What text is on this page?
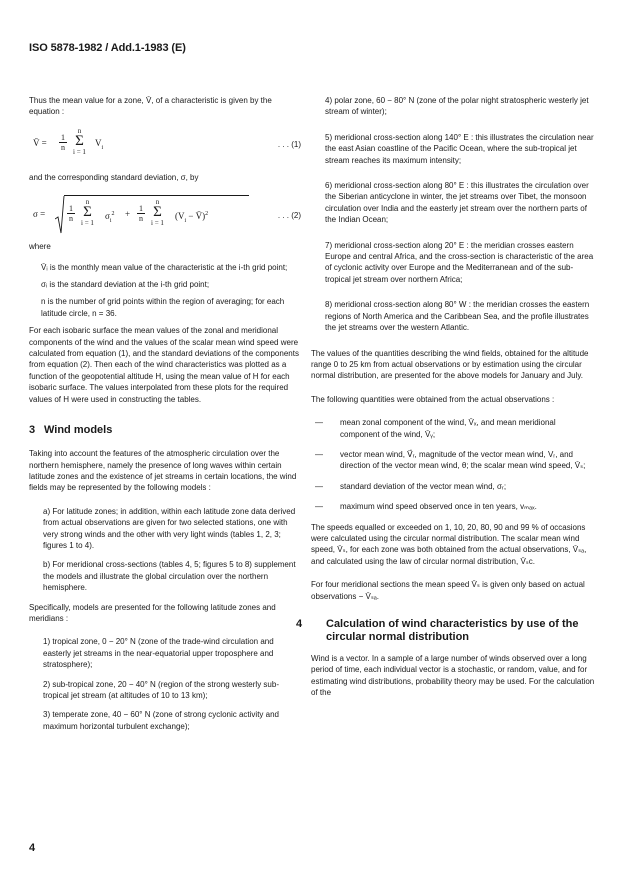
ISO 5878-1982 / Add.1-1983 (E)

Thus the mean value for a zone, V̄, of a characteristic is given by the equation :

V̄ = $\frac{1}{n}$
n
Σ
i = 1
$V_i$	. . . (1)

and the corresponding standard deviation, σ, by

σ =	$\frac{1}{n}$
n
Σ
i = 1
$\sigma_i^2 + \frac{1}{n}$
n
Σ
i = 1
($V_i$ − V̄)$^2$	. . . (2)

where

V̄ᵢ is the monthly mean value of the characteristic at the i-th grid point;

σᵢ is the standard deviation at the i-th grid point;

n is the number of grid points within the region of averaging; for each latitude circle, n = 36.

For each isobaric surface the mean values of the zonal and meridional components of the wind and the values of the scalar mean wind speed were calculated from equation (1), and the standard deviations of the components from equation (2). Then each of the wind characteristics was plotted as a function of the geopotential altitude H, using the mean value of H for each isobaric surface. The values interpolated from these plots for the required values of H were used in constructing the tables.

3 Wind models

Taking into account the features of the atmospheric circulation over the northern hemisphere, namely the presence of long waves within certain latitude zones and the existence of jet streams in certain locations, the wind fields may be represented by the following models :

a) For latitude zones; in addition, within each latitude zone data derived from actual observations are given for two selected stations, one with very strong winds and the other with very light winds (tables 1, 2, 3; figures 1 to 4).

b) For meridional cross-sections (tables 4, 5; figures 5 to 8) supplement the models and illustrate the global circulation over the northern hemisphere.

Specifically, models are presented for the following latitude zones and meridians :

1) tropical zone, 0 − 20° N (zone of the trade-wind circulation and easterly jet streams in the near-equatorial upper troposphere and stratosphere);

2) sub-tropical zone, 20 − 40° N (region of the strong westerly sub-tropical jet stream (at altitudes of 10 to 13 km);

3) temperate zone, 40 − 60° N (zone of strong cyclonic activity and maximum horizontal turbulent exchange);

4) polar zone, 60 − 80° N (zone of the polar night stratospheric westerly jet stream of winter);

5) meridional cross-section along 140° E : this illustrates the circulation near the east Asian coastline of the Pacific Ocean, where the sub-tropical jet stream reaches its maximum intensity;

6) meridional cross-section along 80° E : this illustrates the circulation over the Siberian anticyclone in winter, the jet streams over Tibet, the monsoon circulation over India and the easterly jet stream over the northern parts of the Indian Ocean;

7) meridional cross-section along 20° E : the meridian crosses eastern Europe and central Africa, and the cross-section is characteristic of the area of cyclonic activity over Europe and the Mediterranean and of the sub-tropical jet stream over northern Africa;

8) meridional cross-section along 80° W : the meridian crosses the eastern regions of North America and the Caribbean Sea, and the profile illustrates the jet streams over the western Atlantic.

The values of the quantities describing the wind fields, obtained for the altitude range 0 to 25 km from actual observations or by estimation using the circular normal distribution, are presented for the above models for January and July.

The following quantities were obtained from the actual observations :

— mean zonal component of the wind, V̄ₓ, and mean meridional component of the wind, V̄ᵧ;
— vector mean wind, V⃗ᵣ, magnitude of the vector mean wind, Vᵣ, and direction of the vector mean wind, θ; the scalar mean wind speed, V̄ₛ;
— standard deviation of the vector mean wind, σᵣ;
— maximum wind speed observed once in ten years, vₘₐₓ.

The speeds equalled or exceeded on 1, 10, 20, 80, 90 and 99 % of occasions were calculated using the circular normal distribution. The scalar mean wind speed, V̄ₛ, for each zone was both obtained from the actual observations, V̄ₛₐ, and calculated using the law of circular normal distribution, V̄ₛc.

For four meridional sections the mean speed V̄ₛ is given only based on actual observations − V̄ₛₐ.

4 Calculation of wind characteristics by use of the circular normal distribution

Wind is a vector. In a sample of a large number of winds observed over a long period of time, each individual vector is a stochastic, or random, value, and for estimating wind distributions, probability theory may be used. For the calculation of the

4
